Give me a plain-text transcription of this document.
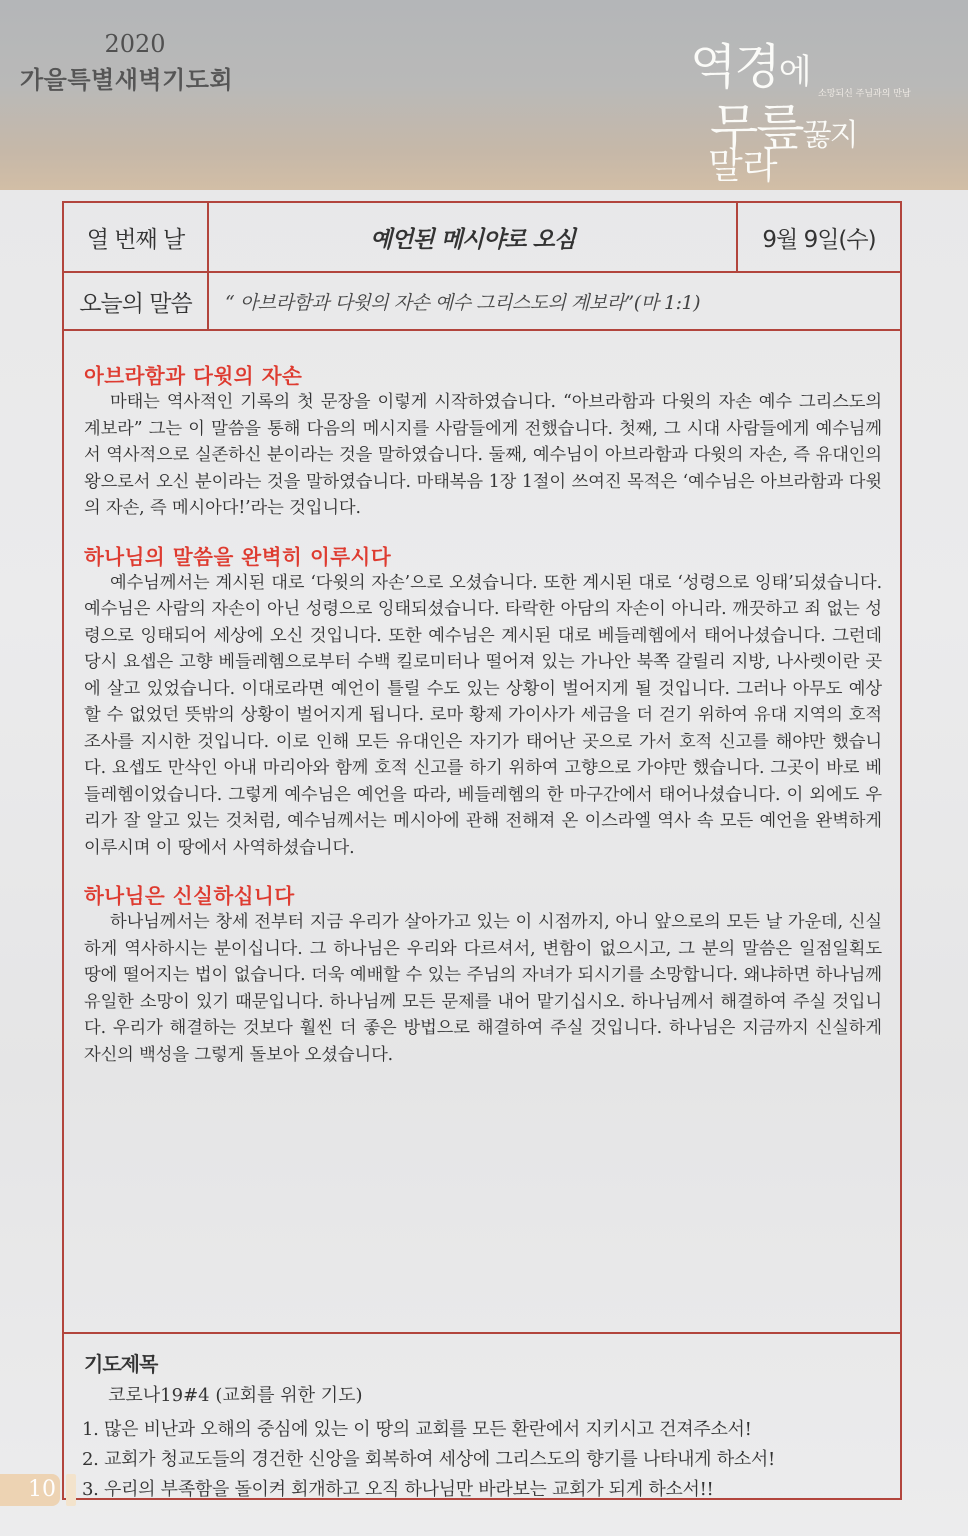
2020
가을특별새벽기도회	역경에
소망되신 주님과의 만남
무릎꿇지
말라
열 번째 날	예언된 메시야로 오심	9월 9일(수)
오늘의 말씀	“ 아브라함과 다윗의 자손 예수 그리스도의 계보라”(마 1:1)
아브라함과 다윗의 자손

마태는 역사적인 기록의 첫 문장을 이렇게 시작하였습니다. “아브라함과 다윗의 자손 예수 그리스도의 계보라” 그는 이 말씀을 통해 다음의 메시지를 사람들에게 전했습니다. 첫째, 그 시대 사람들에게 예수님께서 역사적으로 실존하신 분이라는 것을 말하였습니다. 둘째, 예수님이 아브라함과 다윗의 자손, 즉 유대인의 왕으로서 오신 분이라는 것을 말하였습니다. 마태복음 1장 1절이 쓰여진 목적은 ‘예수님은 아브라함과 다윗의 자손, 즉 메시아다!’라는 것입니다.

하나님의 말씀을 완벽히 이루시다

예수님께서는 계시된 대로 ‘다윗의 자손’으로 오셨습니다. 또한 계시된 대로 ‘성령으로 잉태’되셨습니다. 예수님은 사람의 자손이 아닌 성령으로 잉태되셨습니다. 타락한 아담의 자손이 아니라. 깨끗하고 죄 없는 성령으로 잉태되어 세상에 오신 것입니다. 또한 예수님은 계시된 대로 베들레헴에서 태어나셨습니다. 그런데 당시 요셉은 고향 베들레헴으로부터 수백 킬로미터나 떨어져 있는 가나안 북쪽 갈릴리 지방, 나사렛이란 곳에 살고 있었습니다. 이대로라면 예언이 틀릴 수도 있는 상황이 벌어지게 될 것입니다. 그러나 아무도 예상할 수 없었던 뜻밖의 상황이 벌어지게 됩니다. 로마 황제 가이사가 세금을 더 걷기 위하여 유대 지역의 호적 조사를 지시한 것입니다. 이로 인해 모든 유대인은 자기가 태어난 곳으로 가서 호적 신고를 해야만 했습니다. 요셉도 만삭인 아내 마리아와 함께 호적 신고를 하기 위하여 고향으로 가야만 했습니다. 그곳이 바로 베들레헴이었습니다. 그렇게 예수님은 예언을 따라, 베들레헴의 한 마구간에서 태어나셨습니다. 이 외에도 우리가 잘 알고 있는 것처럼, 예수님께서는 메시아에 관해 전해져 온 이스라엘 역사 속 모든 예언을 완벽하게 이루시며 이 땅에서 사역하셨습니다.

하나님은 신실하십니다

하나님께서는 창세 전부터 지금 우리가 살아가고 있는 이 시점까지, 아니 앞으로의 모든 날 가운데, 신실하게 역사하시는 분이십니다. 그 하나님은 우리와 다르셔서, 변함이 없으시고, 그 분의 말씀은 일점일획도 땅에 떨어지는 법이 없습니다. 더욱 예배할 수 있는 주님의 자녀가 되시기를 소망합니다. 왜냐하면 하나님께 유일한 소망이 있기 때문입니다. 하나님께 모든 문제를 내어 맡기십시오. 하나님께서 해결하여 주실 것입니다. 우리가 해결하는 것보다 훨씬 더 좋은 방법으로 해결하여 주실 것입니다. 하나님은 지금까지 신실하게 자신의 백성을 그렇게 돌보아 오셨습니다.

기도제목
코로나19#4 (교회를 위한 기도)
1. 많은 비난과 오해의 중심에 있는 이 땅의 교회를 모든 환란에서 지키시고 건져주소서!
2. 교회가 청교도들의 경건한 신앙을 회복하여 세상에 그리스도의 향기를 나타내게 하소서!
3. 우리의 부족함을 돌이켜 회개하고 오직 하나님만 바라보는 교회가 되게 하소서!!
10
